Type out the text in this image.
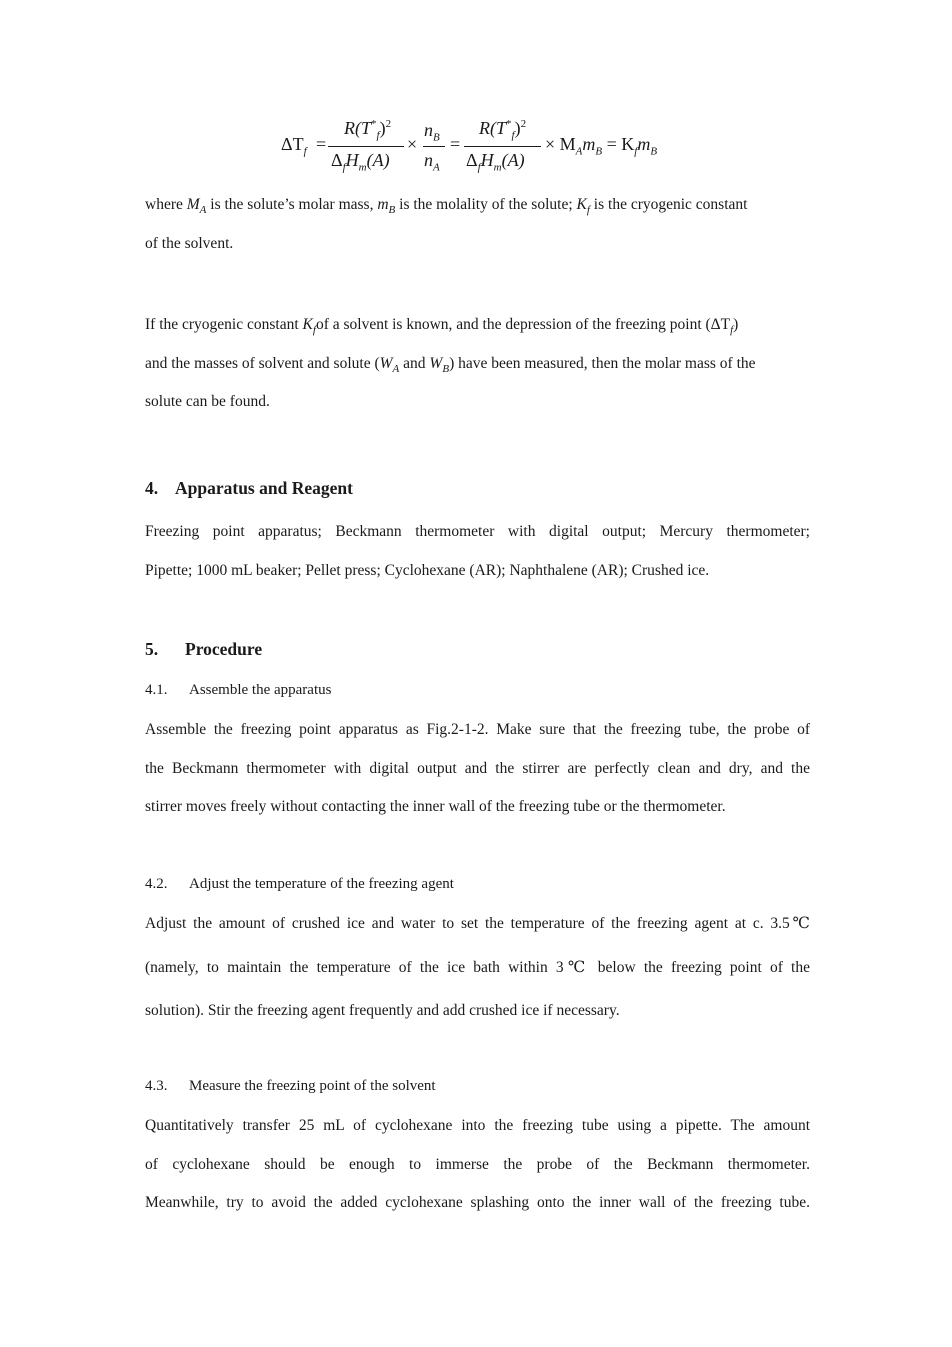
$\Delta T_f$ =
$R(T^*_f)^2$
$\Delta_fH_m(A)$
×
$n_B$
$n_A$
=
$R(T^*_f)^2$
$\Delta_fH_m(A)$
× $M_Am_B = K_fm_B$
where $M_A$ is the solute’s molar mass, $m_B$ is the molality of the solute; $K_f$ is the cryogenic constant
of the solvent.
If the cryogenic constant $K_fof$ a solvent is known, and the depression of the freezing point $(\Delta T_f)$
and the masses of solvent and solute ($W_A$ and $W_B$) have been measured, then the molar mass of the
solute can be found.
4. Apparatus and Reagent
Freezing point apparatus; Beckmann thermometer with digital output; Mercury thermometer;
Pipette; 1000 mL beaker; Pellet press; Cyclohexane (AR); Naphthalene (AR); Crushed ice.
5. Procedure
4.1. Assemble the apparatus
Assemble the freezing point apparatus as Fig.2-1-2. Make sure that the freezing tube, the probe of
the Beckmann thermometer with digital output and the stirrer are perfectly clean and dry, and the
stirrer moves freely without contacting the inner wall of the freezing tube or the thermometer.
4.2. Adjust the temperature of the freezing agent
Adjust the amount of crushed ice and water to set the temperature of the freezing agent at c. 3.5℃
(namely, to maintain the temperature of the ice bath within 3℃ below the freezing point of the
solution). Stir the freezing agent frequently and add crushed ice if necessary.
4.3. Measure the freezing point of the solvent
Quantitatively transfer 25 mL of cyclohexane into the freezing tube using a pipette. The amount
of cyclohexane should be enough to immerse the probe of the Beckmann thermometer.
Meanwhile, try to avoid the added cyclohexane splashing onto the inner wall of the freezing tube.
